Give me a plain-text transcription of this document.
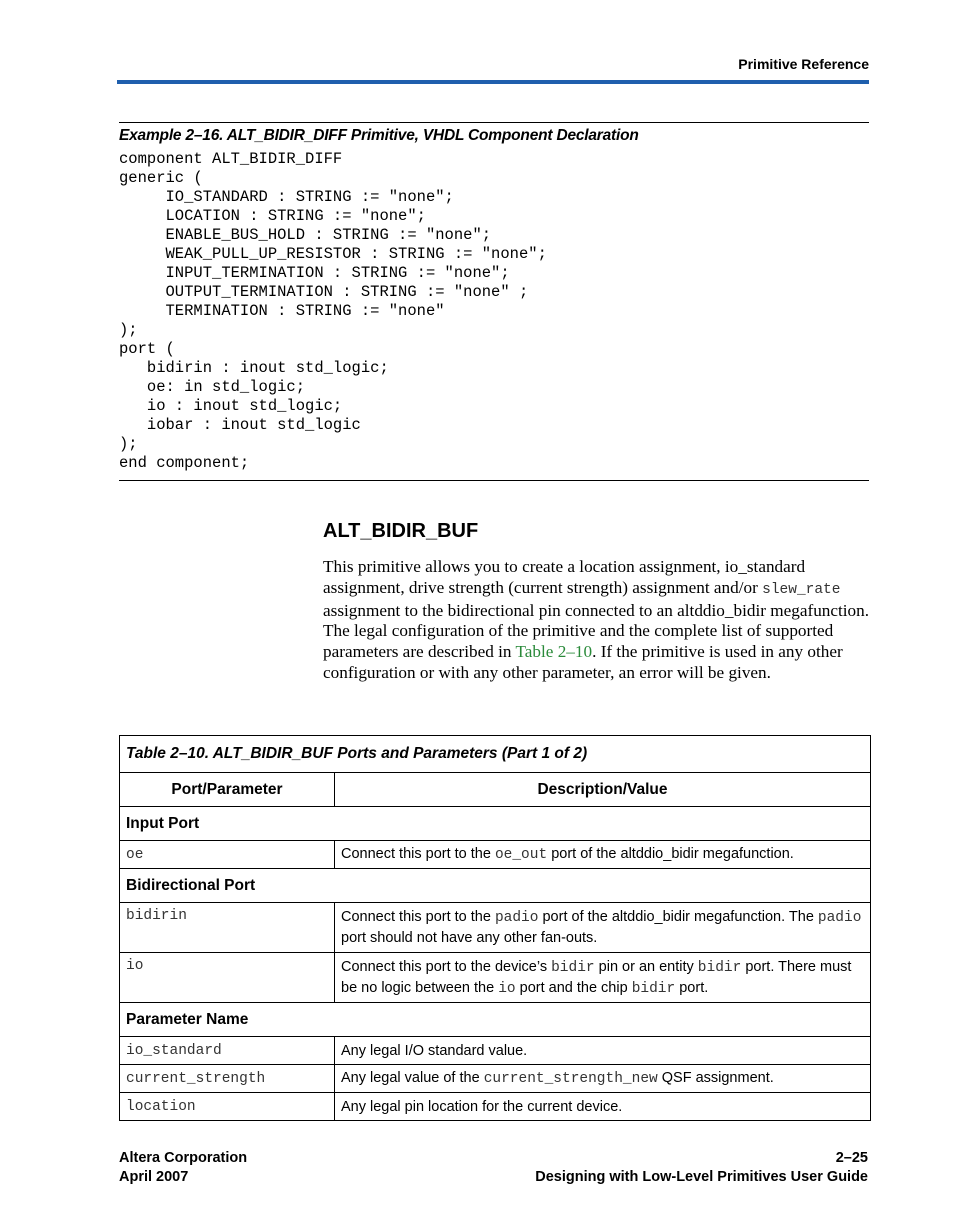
Primitive Reference
Example 2–16. ALT_BIDIR_DIFF Primitive, VHDL Component Declaration
component ALT_BIDIR_DIFF
generic (
IO_STANDARD : STRING := "none";
LOCATION : STRING := "none";
ENABLE_BUS_HOLD : STRING := "none";
WEAK_PULL_UP_RESISTOR : STRING := "none";
INPUT_TERMINATION : STRING := "none";
OUTPUT_TERMINATION : STRING := "none" ;
TERMINATION : STRING := "none"
);
port (
bidirin : inout std_logic;
oe: in std_logic;
io : inout std_logic;
iobar : inout std_logic
);
end component;
ALT_BIDIR_BUF
This primitive allows you to create a location assignment, io_standard assignment, drive strength (current strength) assignment and/or slew_rate assignment to the bidirectional pin connected to an altddio_bidir megafunction. The legal configuration of the primitive and the complete list of supported parameters are described in Table 2–10. If the primitive is used in any other configuration or with any other parameter, an error will be given.
Table 2–10. ALT_BIDIR_BUF Ports and Parameters (Part 1 of 2)	
Port/Parameter	Description/Value
Input Port	
oe	Connect this port to the oe_out port of the altddio_bidir megafunction.
Bidirectional Port	
bidirin	Connect this port to the padio port of the altddio_bidir megafunction. The padio port should not have any other fan-outs.
io	Connect this port to the device’s bidir pin or an entity bidir port. There must be no logic between the io port and the chip bidir port.
Parameter Name	
io_standard	Any legal I/O standard value.
current_strength	Any legal value of the current_strength_new QSF assignment.
location	Any legal pin location for the current device.
Altera Corporation
April 2007
2–25
Designing with Low-Level Primitives User Guide
